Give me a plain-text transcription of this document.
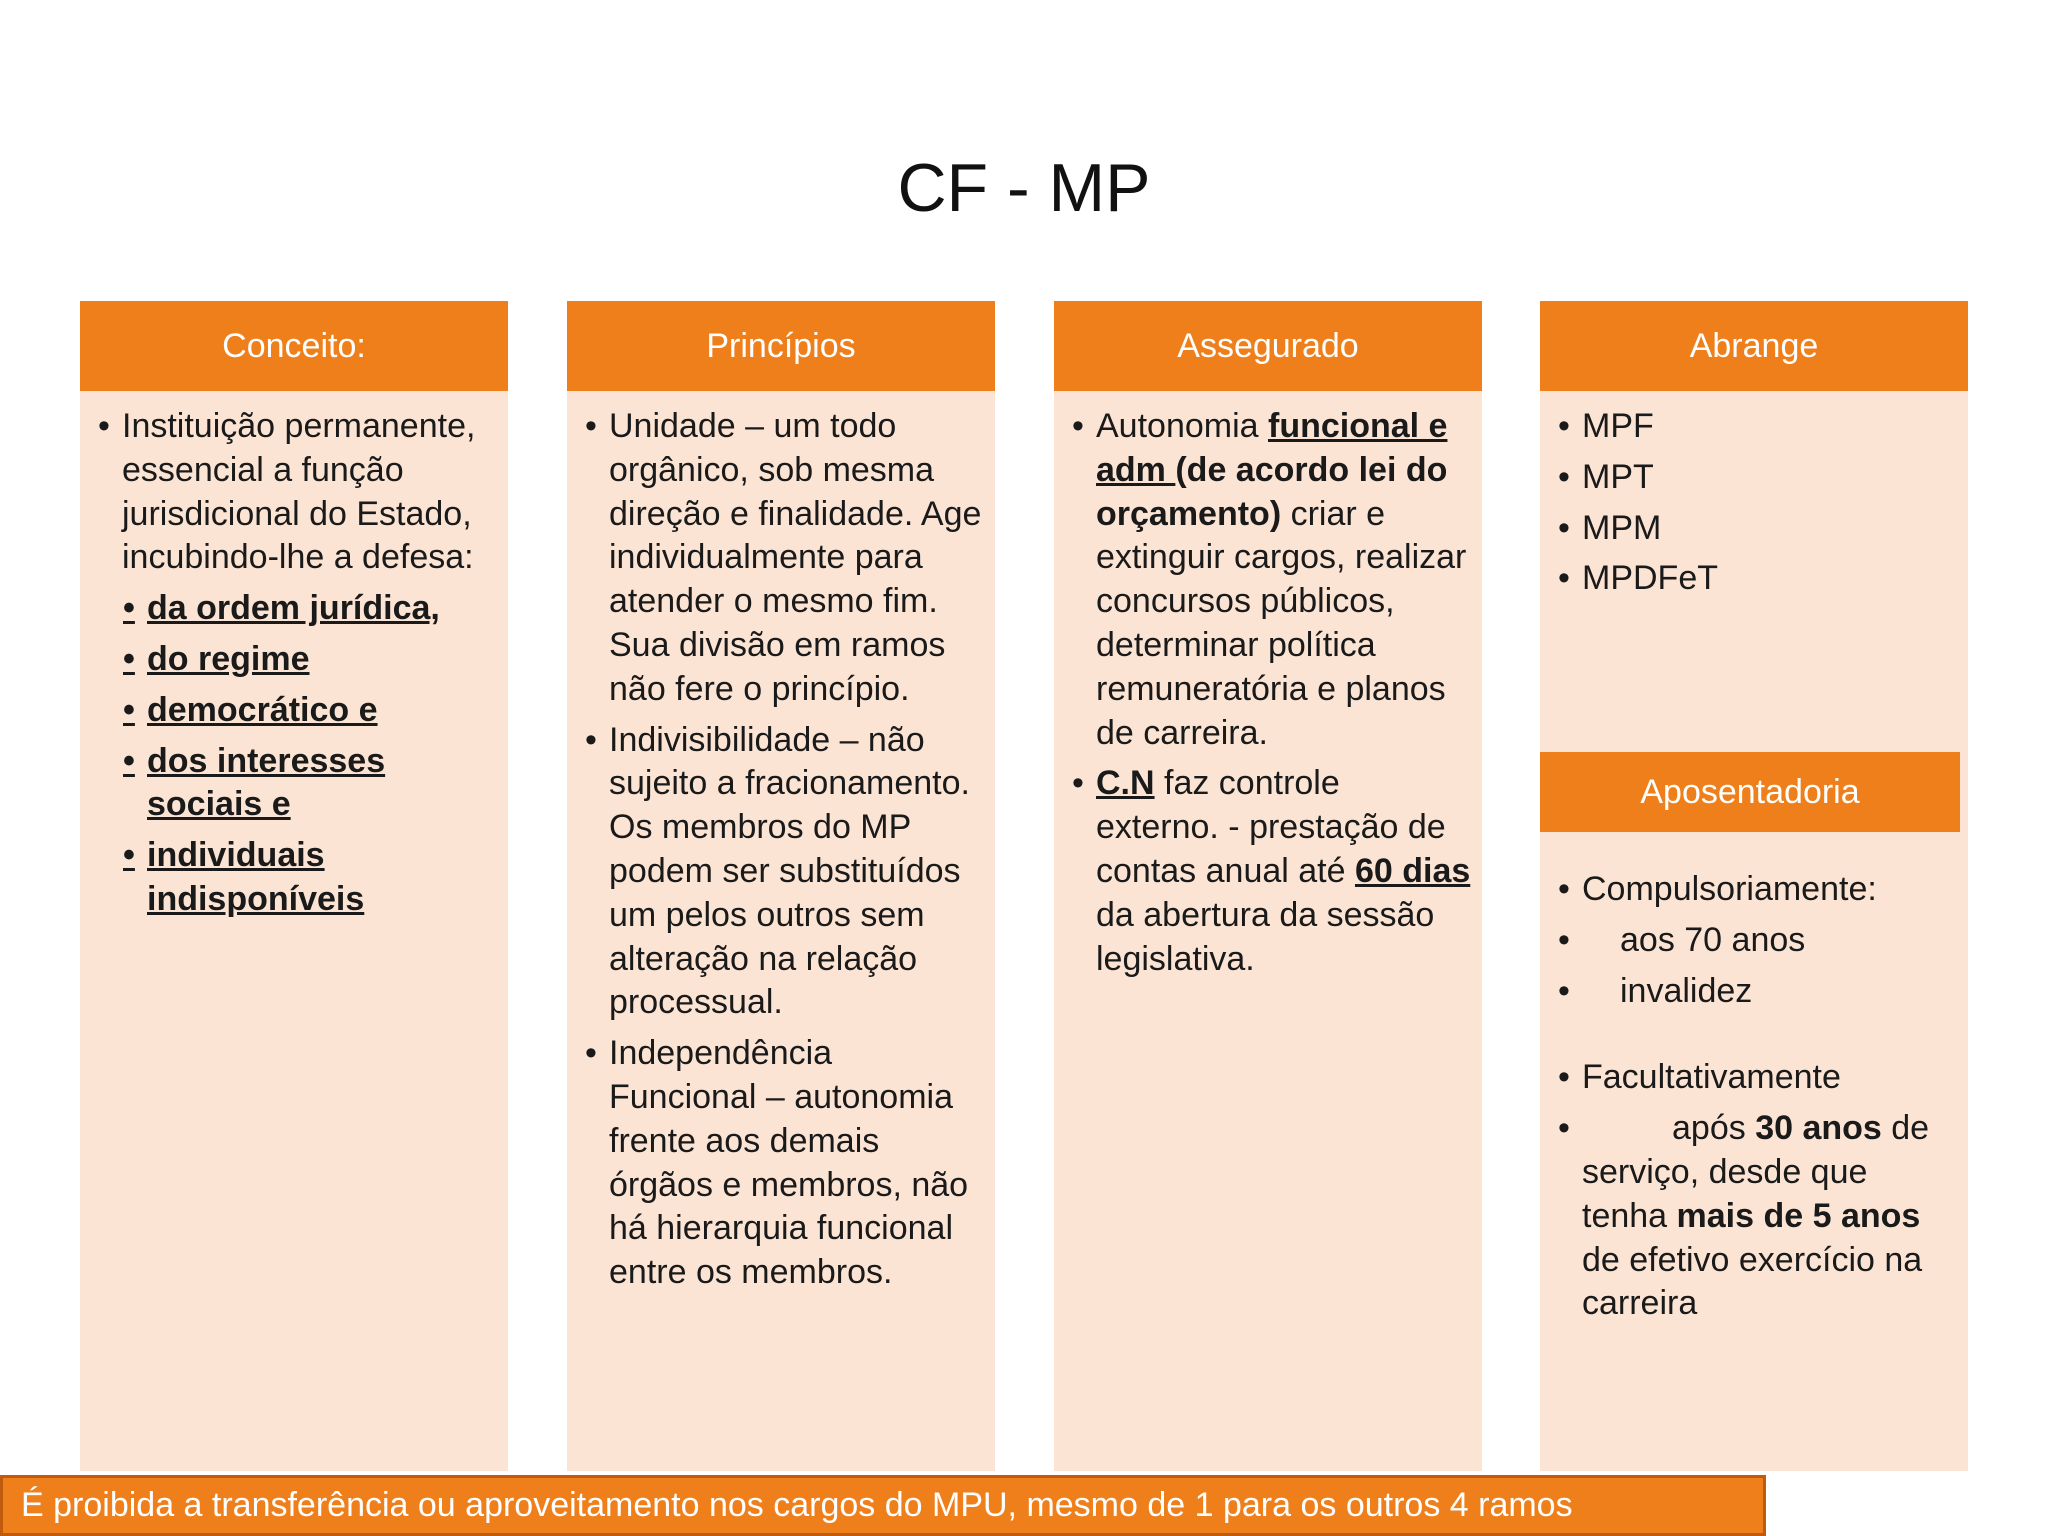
CF - MP
Conceito:
• Instituição permanente, essencial a função jurisdicional do Estado, incubindo-lhe a defesa:
• da ordem jurídica,
• do regime
• democrático e
• dos interesses sociais e
• individuais indisponíveis
Princípios
• Unidade – um todo orgânico, sob mesma direção e finalidade. Age individualmente para atender o mesmo fim. Sua divisão em ramos não fere o princípio.
• Indivisibilidade – não sujeito a fracionamento. Os membros do MP podem ser substituídos um pelos outros sem alteração na relação processual.
• Independência Funcional – autonomia frente aos demais órgãos e membros, não há hierarquia funcional entre os membros.
Assegurado
• Autonomia funcional e adm (de acordo lei do orçamento) criar e extinguir cargos, realizar concursos públicos, determinar política remuneratória e planos de carreira.
• C.N faz controle externo. - prestação de contas anual até 60 dias da abertura da sessão legislativa.
Abrange
• MPF
• MPT
• MPM
• MPDFeT
Aposentadoria
• Compulsoriamente:
•	aos 70 anos
•	invalidez
• Facultativamente
•	após 30 anos de serviço, desde que tenha mais de 5 anos de efetivo exercício na carreira
É proibida a transferência ou aproveitamento nos cargos do MPU, mesmo de 1 para os outros 4 ramos
